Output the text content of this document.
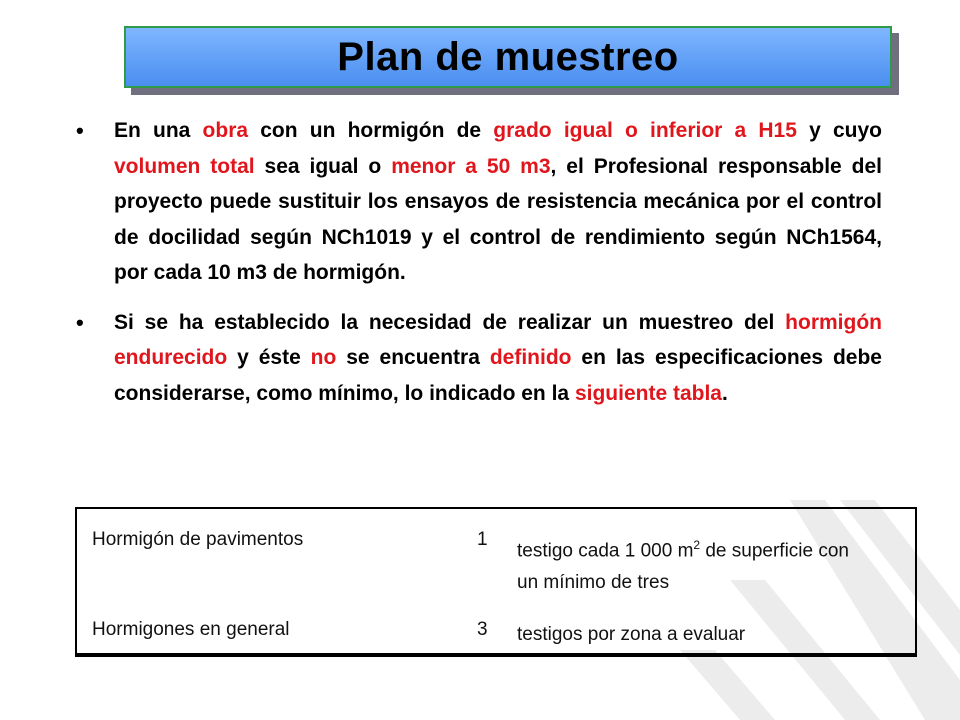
Plan de muestreo
• En una obra con un hormigón de grado igual o inferior a H15 y cuyo volumen total sea igual o menor a 50 m3, el Profesional responsable del proyecto puede sustituir los ensayos de resistencia mecánica por el control de docilidad según NCh1019 y el control de rendimiento según NCh1564, por cada 10 m3 de hormigón.
• Si se ha establecido la necesidad de realizar un muestreo del hormigón endurecido y éste no se encuentra definido en las especificaciones debe considerarse, como mínimo, lo indicado en la siguiente tabla.
Hormigón de pavimentos	1
testigo cada 1 000 $m^2$ de superficie con
un mínimo de tres
Hormigones en general	3 testigos por zona a evaluar
